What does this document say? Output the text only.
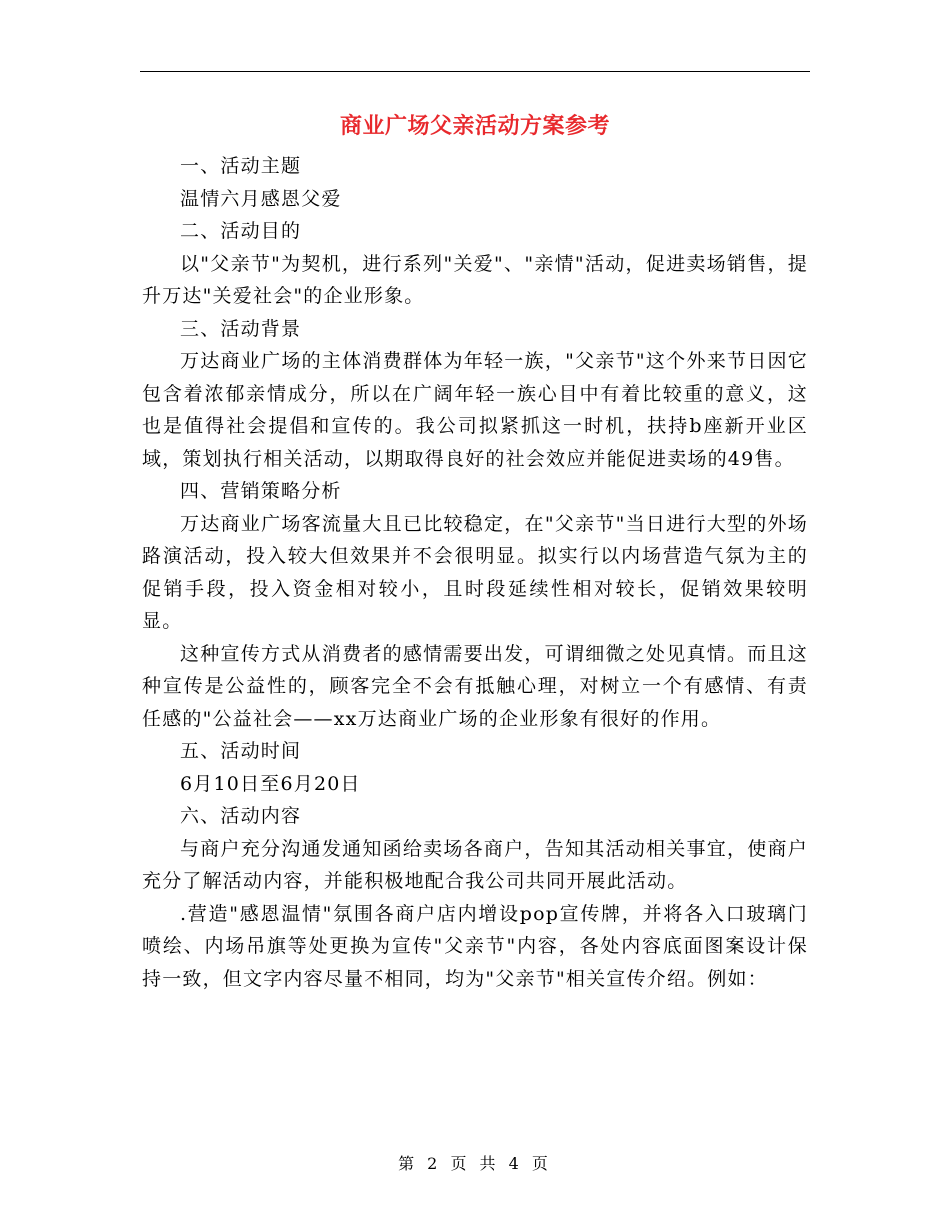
商业广场父亲活动方案参考

一、活动主题

温情六月感恩父爱

二、活动目的

以"父亲节"为契机，进行系列"关爱"、"亲情"活动，促进卖场销售，提升万达"关爱社会"的企业形象。

三、活动背景

万达商业广场的主体消费群体为年轻一族，"父亲节"这个外来节日因它包含着浓郁亲情成分，所以在广阔年轻一族心目中有着比较重的意义，这也是值得社会提倡和宣传的。我公司拟紧抓这一时机，扶持b座新开业区域，策划执行相关活动，以期取得良好的社会效应并能促进卖场的49售。

四、营销策略分析

万达商业广场客流量大且已比较稳定，在"父亲节"当日进行大型的外场路演活动，投入较大但效果并不会很明显。拟实行以内场营造气氛为主的促销手段，投入资金相对较小，且时段延续性相对较长，促销效果较明显。

这种宣传方式从消费者的感情需要出发，可谓细微之处见真情。而且这种宣传是公益性的，顾客完全不会有抵触心理，对树立一个有感情、有责任感的"公益社会——xx万达商业广场的企业形象有很好的作用。

五、活动时间

6月10日至6月20日

六、活动内容

与商户充分沟通发通知函给卖场各商户，告知其活动相关事宜，使商户充分了解活动内容，并能积极地配合我公司共同开展此活动。

.营造"感恩温情"氛围各商户店内增设pop宣传牌，并将各入口玻璃门喷绘、内场吊旗等处更换为宣传"父亲节"内容，各处内容底面图案设计保持一致，但文字内容尽量不相同，均为"父亲节"相关宣传介绍。例如：

第 2 页 共 4 页
